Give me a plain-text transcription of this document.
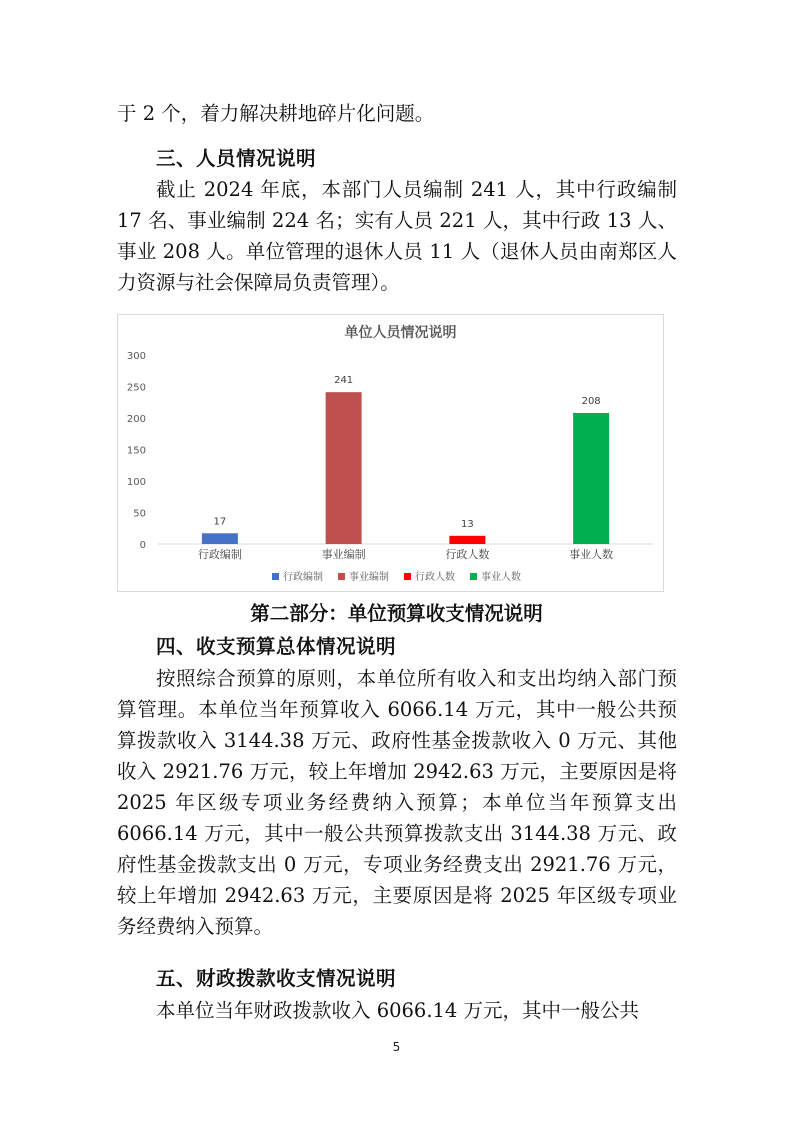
于 2 个，着力解决耕地碎片化问题。
三、人员情况说明
截止 2024 年底，本部门人员编制 241 人，其中行政编制 17 名、事业编制 224 名；实有人员 221 人，其中行政 13 人、事业 208 人。单位管理的退休人员 11 人（退休人员由南郑区人力资源与社会保障局负责管理）。
单位人员情况说明
0
50
100
150
200
250
300
17
行政编制
241
事业编制
13
行政人数
208
事业人数
行政编制	事业编制	行政人数	事业人数
第二部分：单位预算收支情况说明
四、收支预算总体情况说明
按照综合预算的原则，本单位所有收入和支出均纳入部门预算管理。本单位当年预算收入 6066.14 万元，其中一般公共预算拨款收入 3144.38 万元、政府性基金拨款收入 0 万元、其他收入 2921.76 万元，较上年增加 2942.63 万元，主要原因是将 2025 年区级专项业务经费纳入预算；本单位当年预算支出 6066.14 万元，其中一般公共预算拨款支出 3144.38 万元、政府性基金拨款支出 0 万元，专项业务经费支出 2921.76 万元，较上年增加 2942.63 万元，主要原因是将 2025 年区级专项业务经费纳入预算。
五、财政拨款收支情况说明
本单位当年财政拨款收入 6066.14 万元，其中一般公共
5
